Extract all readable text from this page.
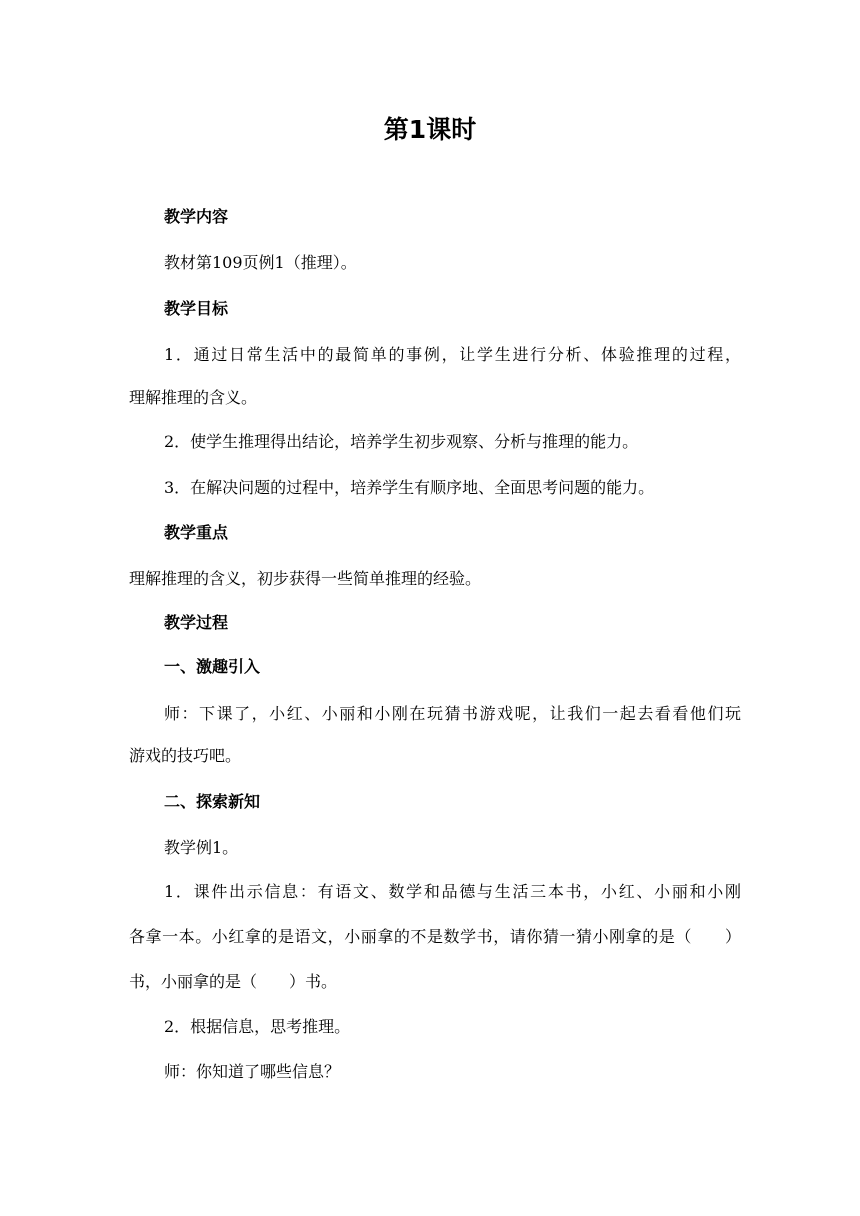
第1课时
教学内容
教材第109页例1（推理）。
教学目标
1．通过日常生活中的最简单的事例，让学生进行分析、体验推理的过程，
理解推理的含义。
2．使学生推理得出结论，培养学生初步观察、分析与推理的能力。
3．在解决问题的过程中，培养学生有顺序地、全面思考问题的能力。
教学重点
理解推理的含义，初步获得一些简单推理的经验。
教学过程
一、激趣引入
师：下课了，小红、小丽和小刚在玩猜书游戏呢，让我们一起去看看他们玩
游戏的技巧吧。
二、探索新知
教学例1。
1．课件出示信息：有语文、数学和品德与生活三本书，小红、小丽和小刚
各拿一本。小红拿的是语文，小丽拿的不是数学书，请你猜一猜小刚拿的是（　　）
书，小丽拿的是（　　）书。
2．根据信息，思考推理。
师：你知道了哪些信息？
